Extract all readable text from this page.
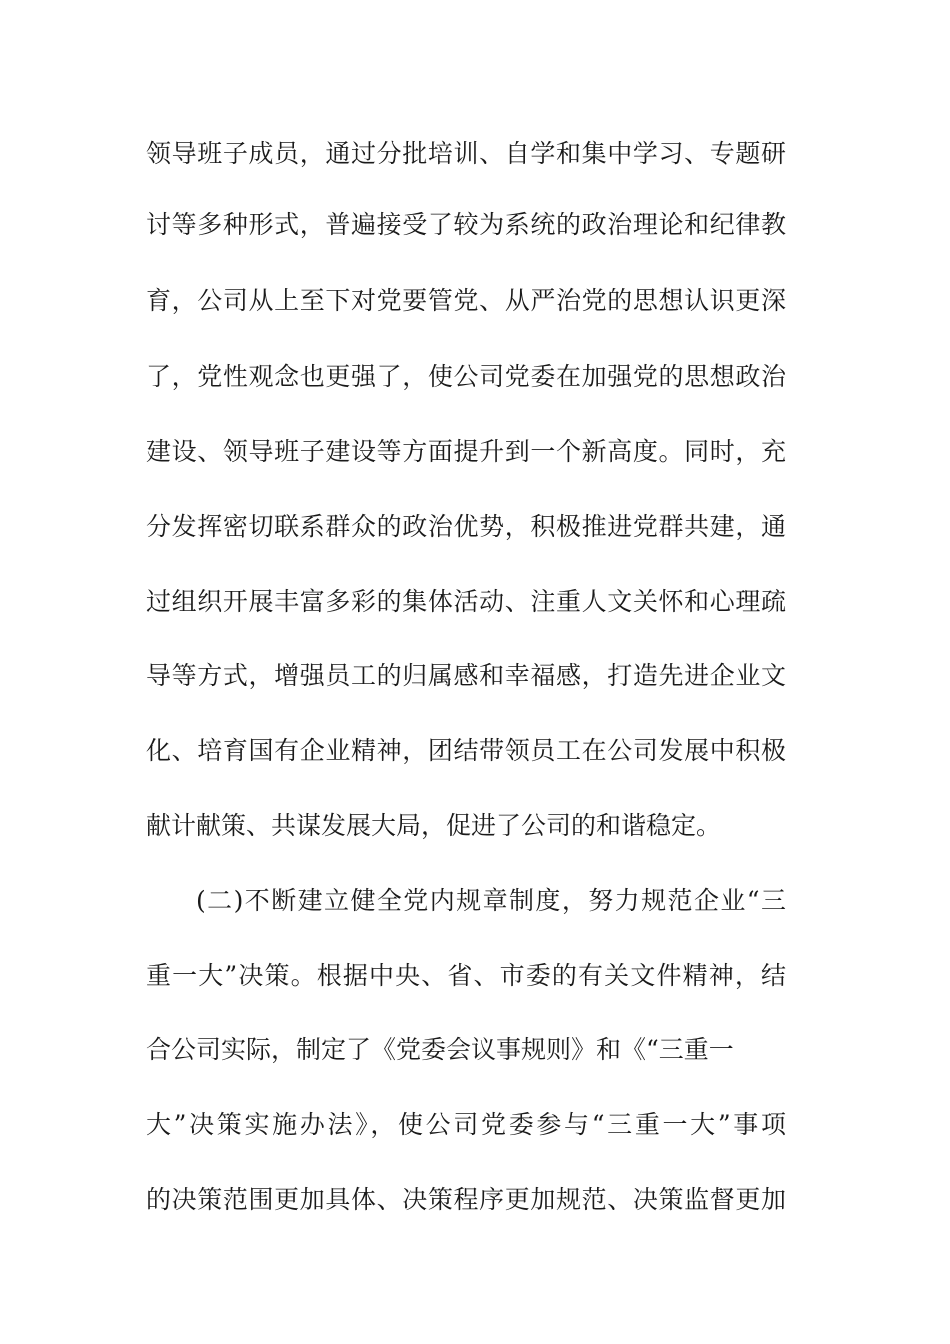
领导班子成员，通过分批培训、自学和集中学习、专题研
讨等多种形式，普遍接受了较为系统的政治理论和纪律教
育，公司从上至下对党要管党、从严治党的思想认识更深
了，党性观念也更强了，使公司党委在加强党的思想政治
建设、领导班子建设等方面提升到一个新高度。同时，充
分发挥密切联系群众的政治优势，积极推进党群共建，通
过组织开展丰富多彩的集体活动、注重人文关怀和心理疏
导等方式，增强员工的归属感和幸福感，打造先进企业文
化、培育国有企业精神，团结带领员工在公司发展中积极
献计献策、共谋发展大局，促进了公司的和谐稳定。
(二)不断建立健全党内规章制度，努力规范企业“三
重一大”决策。根据中央、省、市委的有关文件精神，结
合公司实际，制定了《党委会议事规则》和《“三重一
大”决策实施办法》，使公司党委参与“三重一大”事项
的决策范围更加具体、决策程序更加规范、决策监督更加
